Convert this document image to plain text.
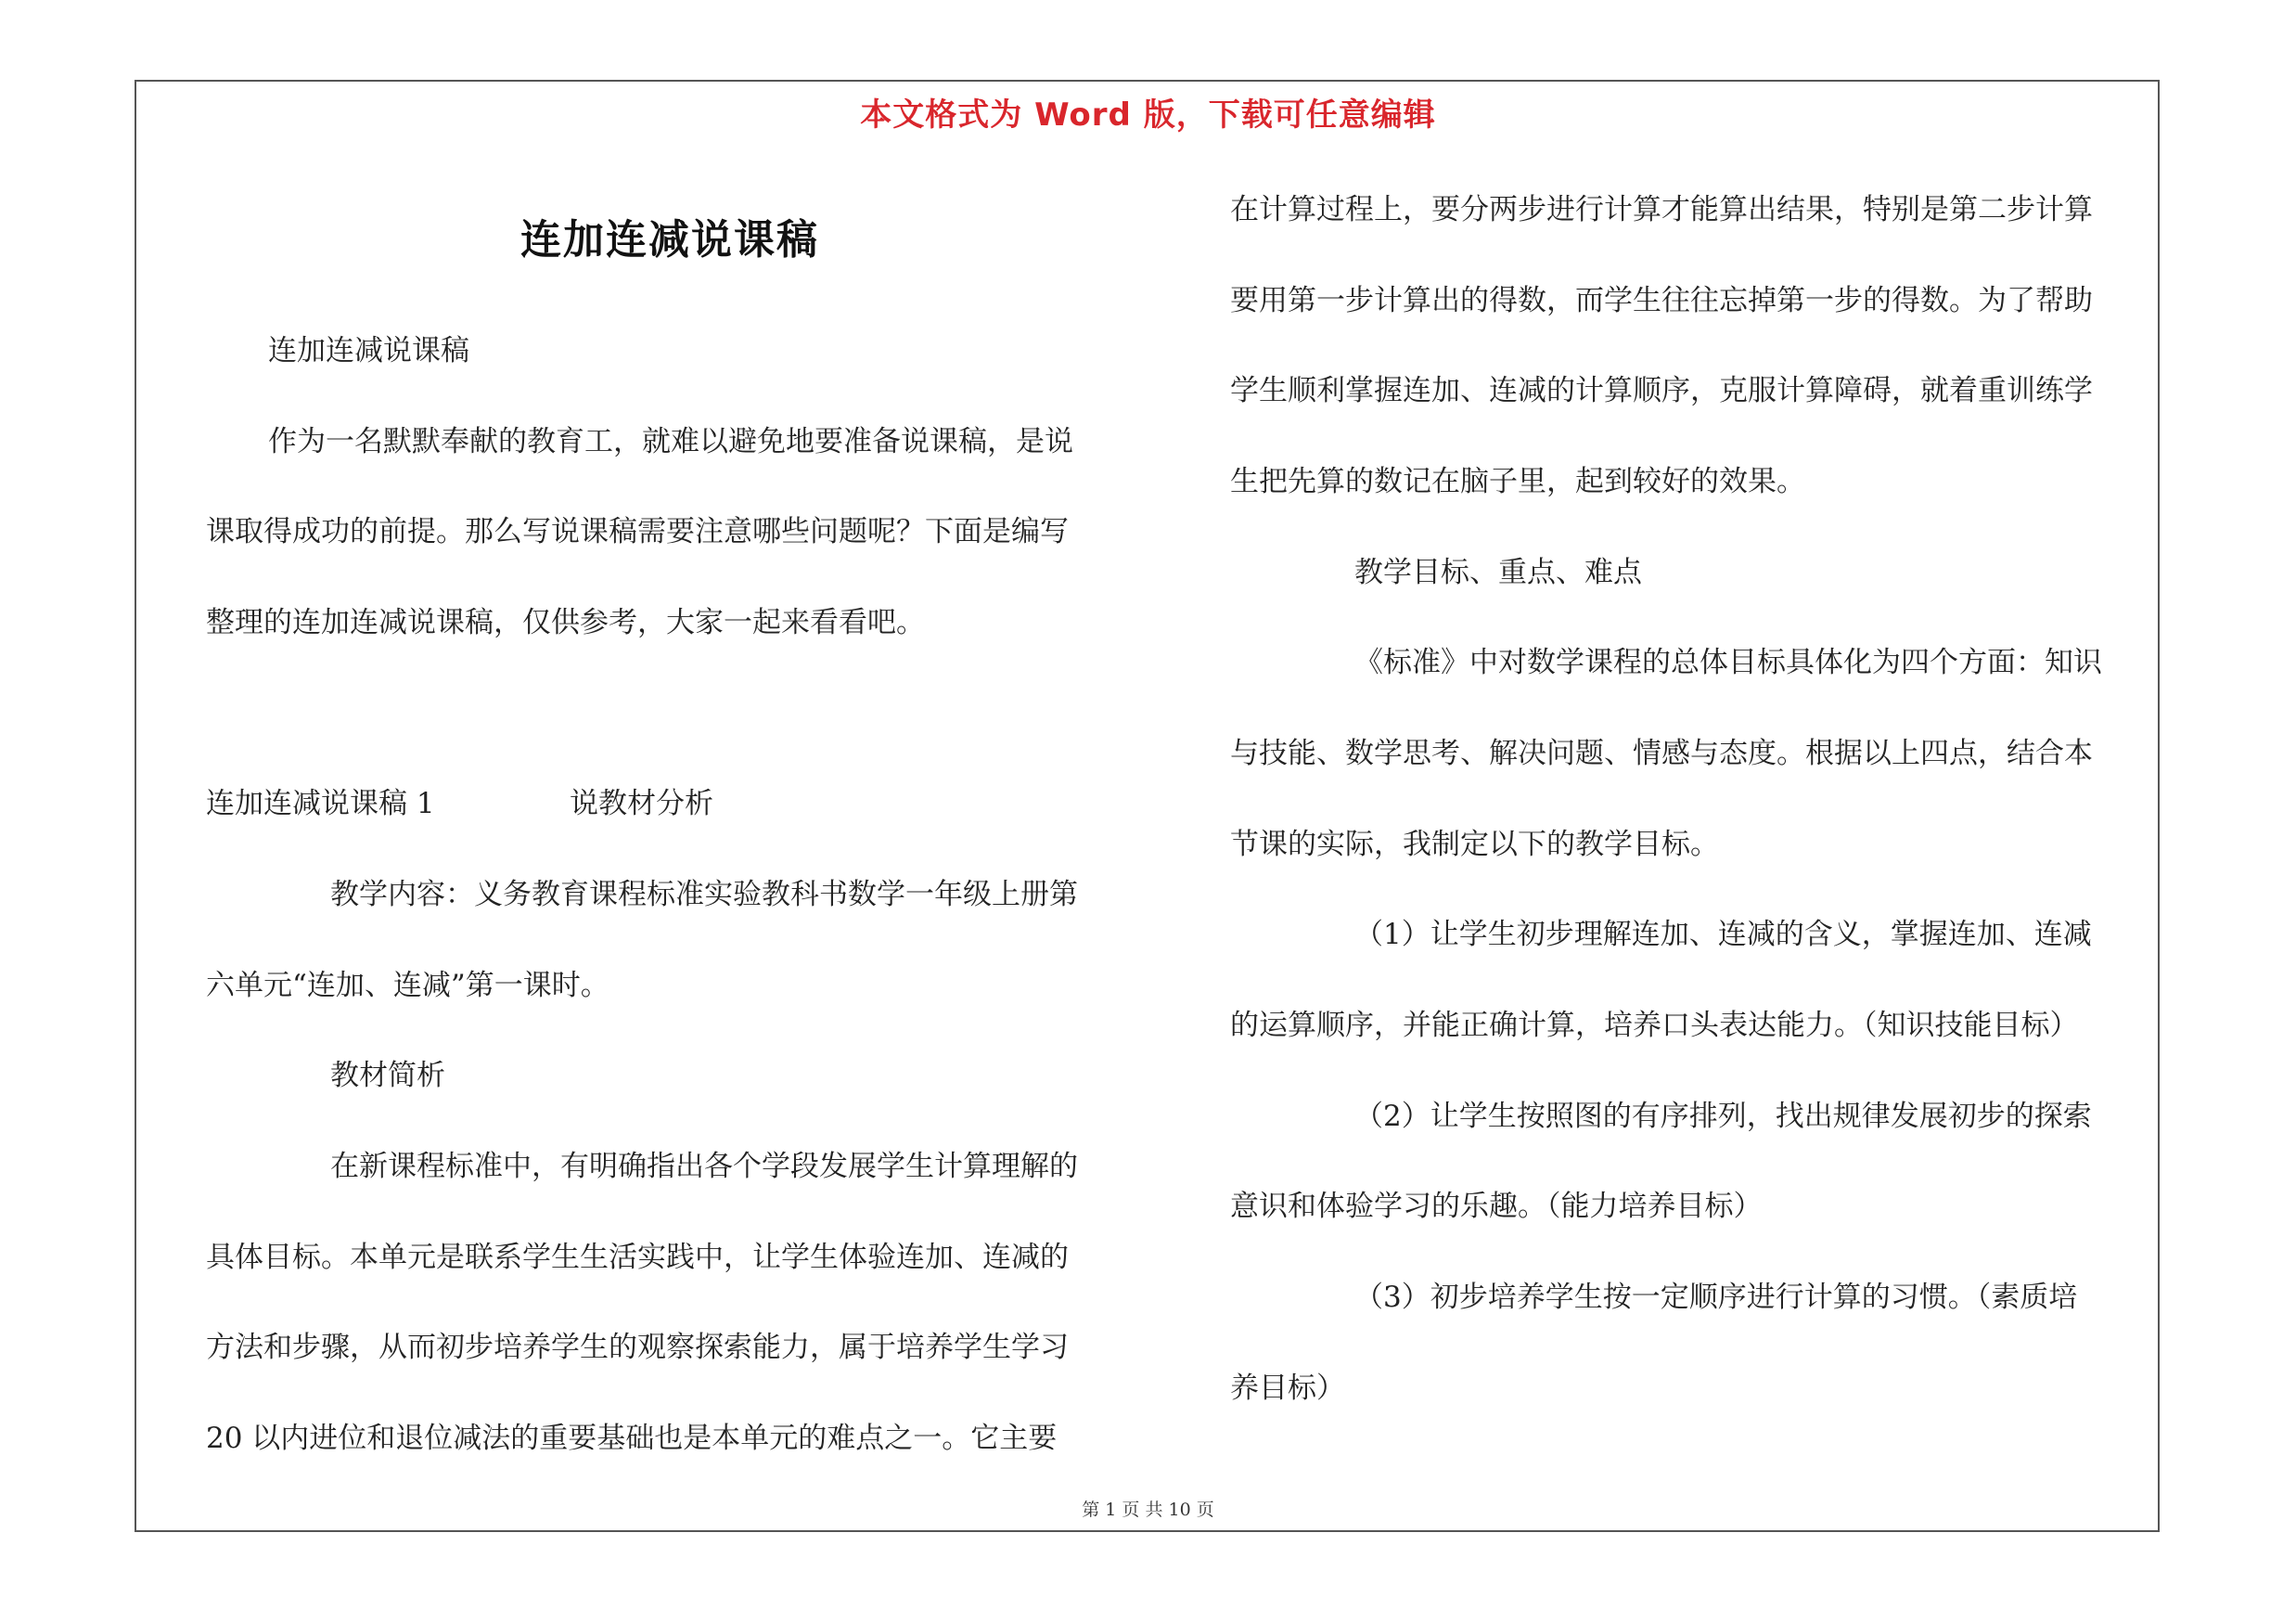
本文格式为 Word 版，下载可任意编辑
连加连减说课稿
连加连减说课稿
作为一名默默奉献的教育工，就难以避免地要准备说课稿，是说
课取得成功的前提。那么写说课稿需要注意哪些问题呢？下面是编写
整理的连加连减说课稿，仅供参考，大家一起来看看吧。
连加连减说课稿 1	说教材分析
教学内容：义务教育课程标准实验教科书数学一年级上册第
六单元“连加、连减”第一课时。
教材简析
在新课程标准中，有明确指出各个学段发展学生计算理解的
具体目标。本单元是联系学生生活实践中，让学生体验连加、连减的
方法和步骤，从而初步培养学生的观察探索能力，属于培养学生学习
20 以内进位和退位减法的重要基础也是本单元的难点之一。它主要
在计算过程上，要分两步进行计算才能算出结果，特别是第二步计算
要用第一步计算出的得数，而学生往往忘掉第一步的得数。为了帮助
学生顺利掌握连加、连减的计算顺序，克服计算障碍，就着重训练学
生把先算的数记在脑子里，起到较好的效果。
教学目标、重点、难点
《标准》中对数学课程的总体目标具体化为四个方面：知识
与技能、数学思考、解决问题、情感与态度。根据以上四点，结合本
节课的实际，我制定以下的教学目标。
（1）让学生初步理解连加、连减的含义，掌握连加、连减
的运算顺序，并能正确计算，培养口头表达能力。（知识技能目标）
（2）让学生按照图的有序排列，找出规律发展初步的探索
意识和体验学习的乐趣。（能力培养目标）
（3）初步培养学生按一定顺序进行计算的习惯。（素质培
养目标）
第 1 页 共 10 页
